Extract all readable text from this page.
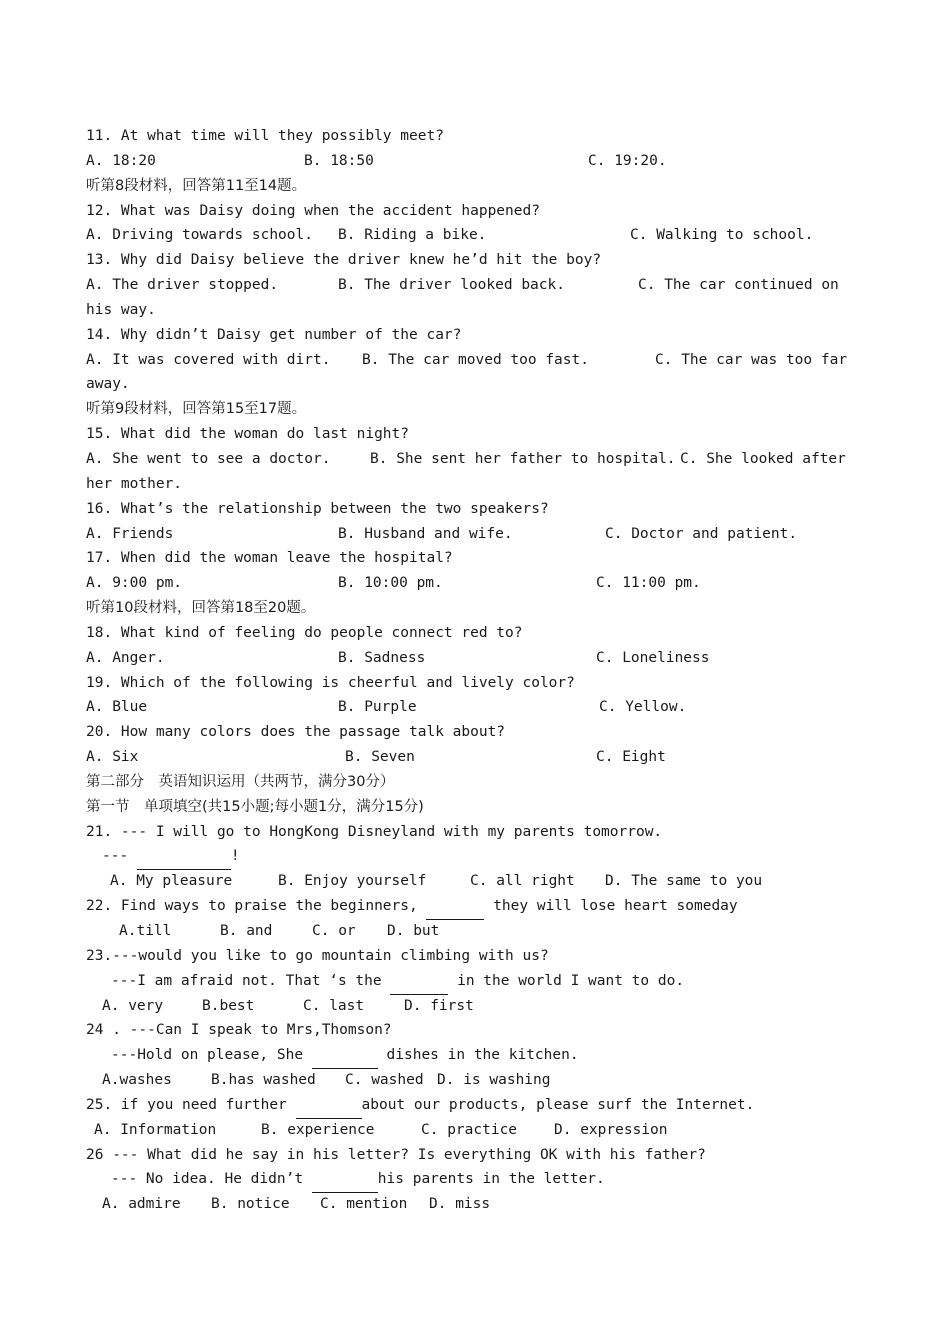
11. At what time will they possibly meet?

A. 18:20

	B. 18:50

	C. 19:20.

听第8段材料，回答第11至14题。
12. What was Daisy doing when the accident happened?

A. Driving towards school.

B. Riding a bike.

	C. Walking to school.

13. Why did Daisy believe the driver knew he’d hit the boy?

A. The driver stopped.

	B. The driver looked back.

	C. The car continued on

his way.
14. Why didn’t Daisy get number of the car?

A. It was covered with dirt.

B. The car moved too fast.

	C. The car was too far

away.
听第9段材料，回答第15至17题。
15. What did the woman do last night?

A. She went to see a doctor.

	B. She sent her father to hospital.

C. She looked after

her mother.
16. What’s the relationship between the two speakers?

A. Friends

	B. Husband and wife.

	C. Doctor and patient.

17. When did the woman leave the hospital?

A. 9:00 pm.

	B. 10:00 pm.

	C. 11:00 pm.

听第10段材料，回答第18至20题。
18. What kind of feeling do people connect red to?

A. Anger.

	B. Sadness

	C. Loneliness

19. Which of the following is cheerful and lively color?

A. Blue

	B. Purple

	C. Yellow.

20. How many colors does the passage talk about?

A. Six

	B. Seven

	C. Eight

第二部分　英语知识运用（共两节，满分30分）
第一节　单项填空(共15小题;每小题1分，满分15分)
21. --- I will go to HongKong Disneyland with my parents tomorrow.
---	!

A. My pleasure

	B. Enjoy yourself

	C. all right

D. The same to you

22. Find ways to praise the beginners,	they will lose heart someday

A.till

	B. and

	C. or

D. but

23.---would you like to go mountain climbing with us?
---I am afraid not. That ‘s the	in the world I want to do.

A. very

	B.best

	C. last

	D. first

24 . ---Can I speak to Mrs,Thomson?
---Hold on please, She	dishes in the kitchen.

A.washes

	B.has washed

C. washed

D. is washing

25. if you need further	about our products, please surf the Internet.

A. Information

	B. experience

	C. practice

	D. expression

26 --- What did he say in his letter? Is everything OK with his father?
--- No idea. He didn’t	his parents in the letter.

A. admire

B. notice

C. mention

D. miss
